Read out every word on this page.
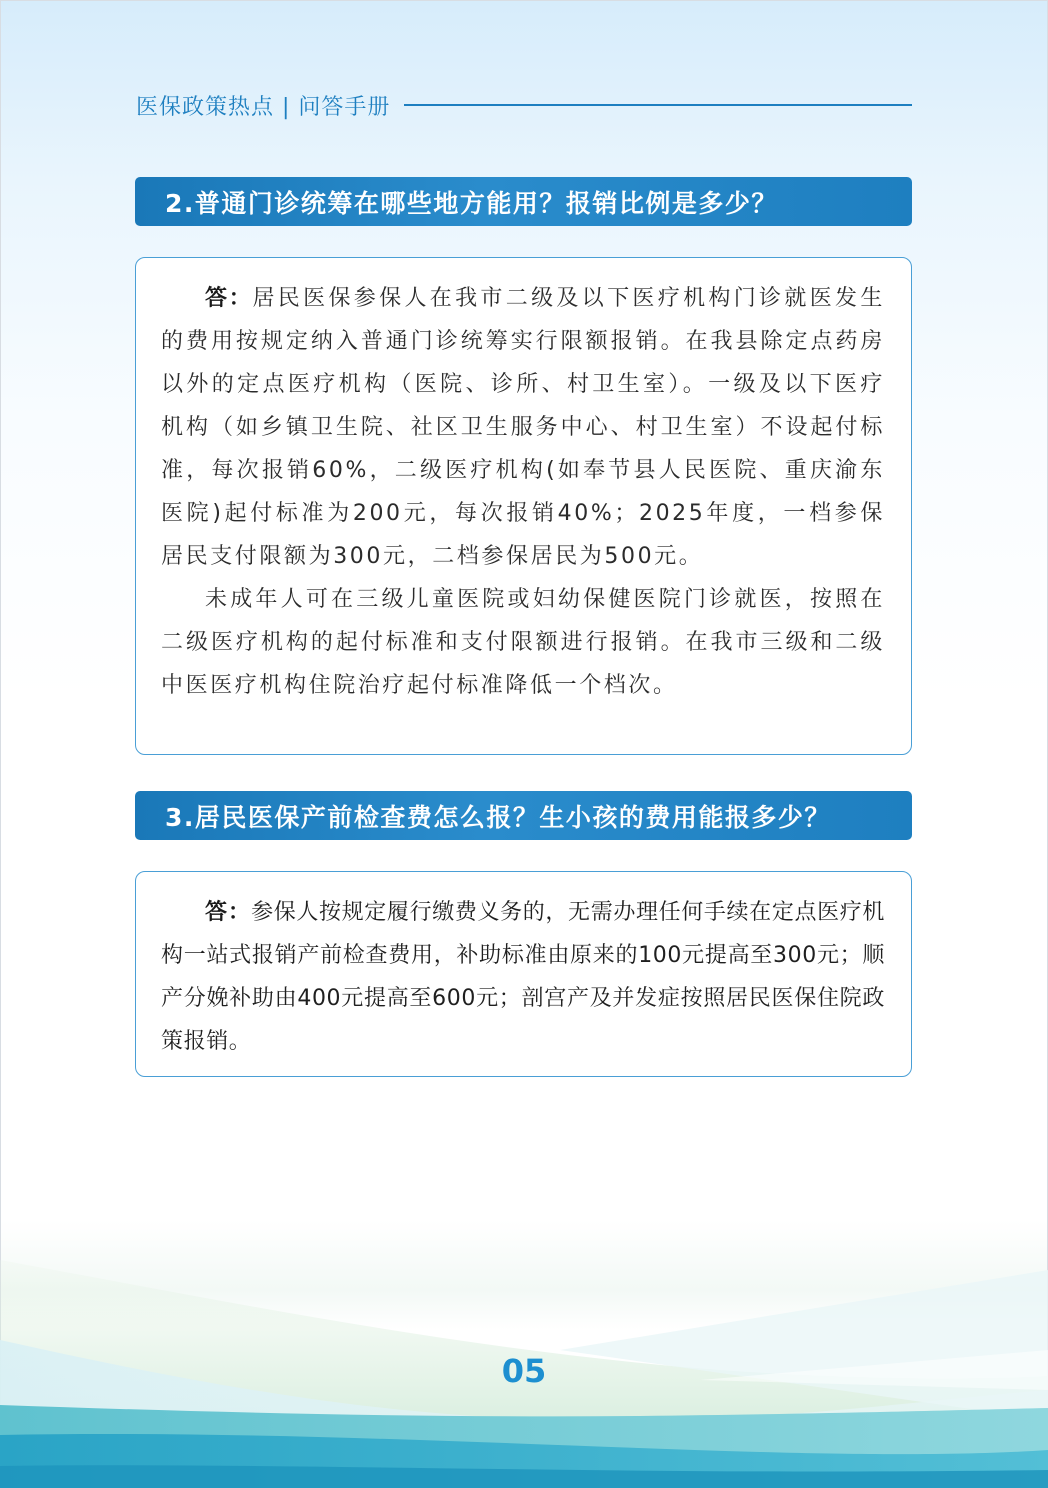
医保政策热点 | 问答手册
2.普通门诊统筹在哪些地方能用？报销比例是多少？

答：居民医保参保人在我市二级及以下医疗机构门诊就医发生的费用按规定纳入普通门诊统筹实行限额报销。在我县除定点药房以外的定点医疗机构（医院、诊所、村卫生室）。一级及以下医疗机构（如乡镇卫生院、社区卫生服务中心、村卫生室）不设起付标准，每次报销60%，二级医疗机构(如奉节县人民医院、重庆渝东医院)起付标准为200元，每次报销40%；2025年度，一档参保居民支付限额为300元，二档参保居民为500元。

未成年人可在三级儿童医院或妇幼保健医院门诊就医，按照在二级医疗机构的起付标准和支付限额进行报销。在我市三级和二级中医医疗机构住院治疗起付标准降低一个档次。

3.居民医保产前检查费怎么报？生小孩的费用能报多少？

答：参保人按规定履行缴费义务的，无需办理任何手续在定点医疗机构一站式报销产前检查费用，补助标准由原来的100元提高至300元；顺产分娩补助由400元提高至600元；剖宫产及并发症按照居民医保住院政策报销。

05
